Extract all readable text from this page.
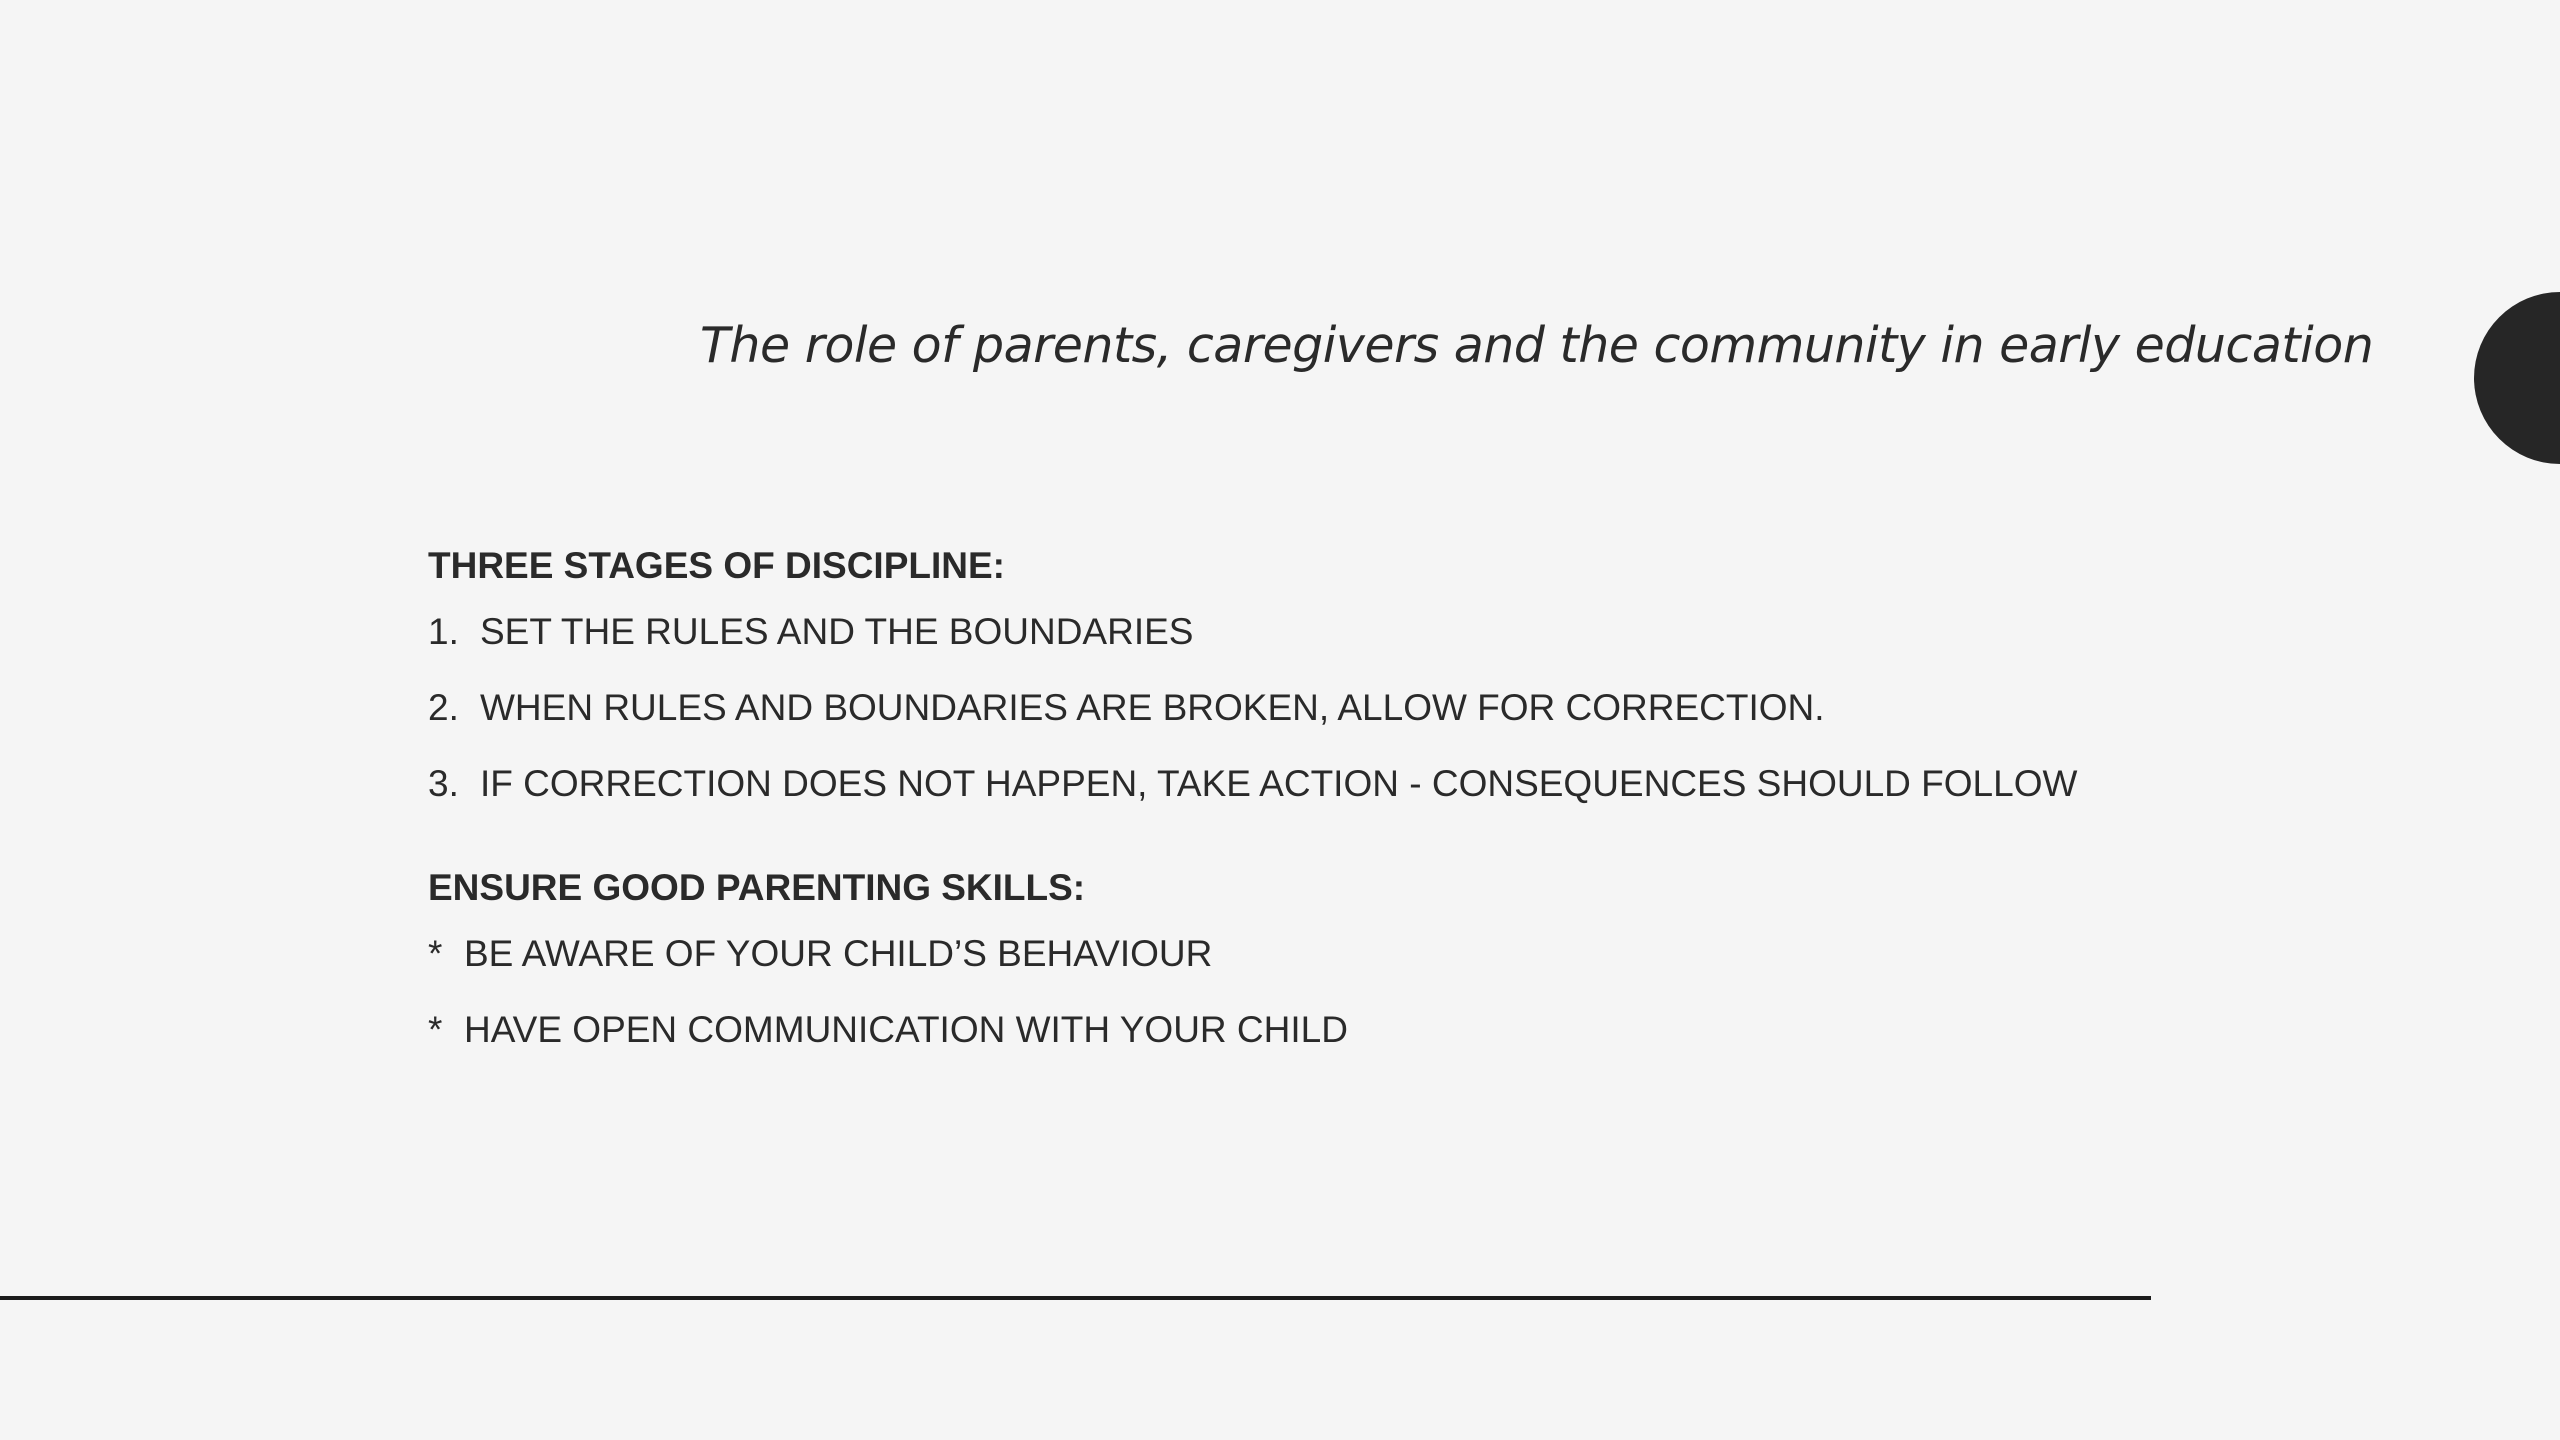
The role of parents, caregivers and the community in early education
THREE STAGES OF DISCIPLINE:
1. SET THE RULES AND THE BOUNDARIES
2. WHEN RULES AND BOUNDARIES ARE BROKEN, ALLOW FOR CORRECTION.
3. IF CORRECTION DOES NOT HAPPEN, TAKE ACTION - CONSEQUENCES SHOULD FOLLOW
ENSURE GOOD PARENTING SKILLS:
* BE AWARE OF YOUR CHILD’S BEHAVIOUR
* HAVE OPEN COMMUNICATION WITH YOUR CHILD
